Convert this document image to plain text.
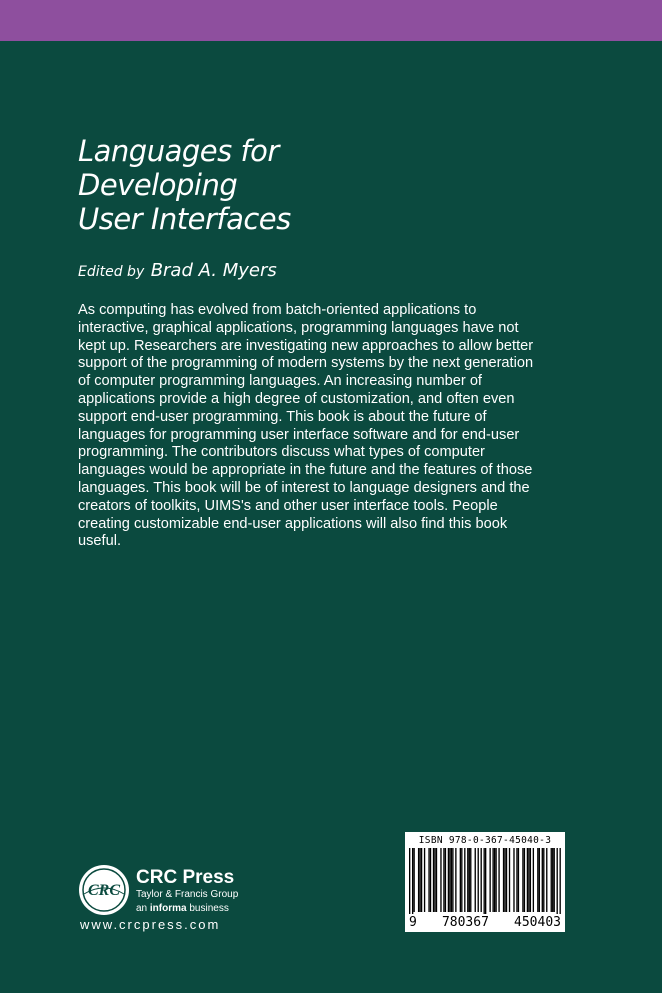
Languages for
Developing
User Interfaces
Edited by Brad A. Myers

As computing has evolved from batch-oriented applications to
interactive, graphical applications, programming languages have not
kept up. Researchers are investigating new approaches to allow better
support of the programming of modern systems by the next generation
of computer programming languages. An increasing number of
applications provide a high degree of customization, and often even
support end-user programming. This book is about the future of
languages for programming user interface software and for end-user
programming. The contributors discuss what types of computer
languages would be appropriate in the future and the features of those
languages. This book will be of interest to language designers and the
creators of toolkits, UIMS's and other user interface tools. People
creating customizable end-user applications will also find this book
useful.

CRC
CRC Press
Taylor & Francis Group
an informa business
www.crcpress.com
ISBN 978-0-367-45040-3
9 780367 450403
